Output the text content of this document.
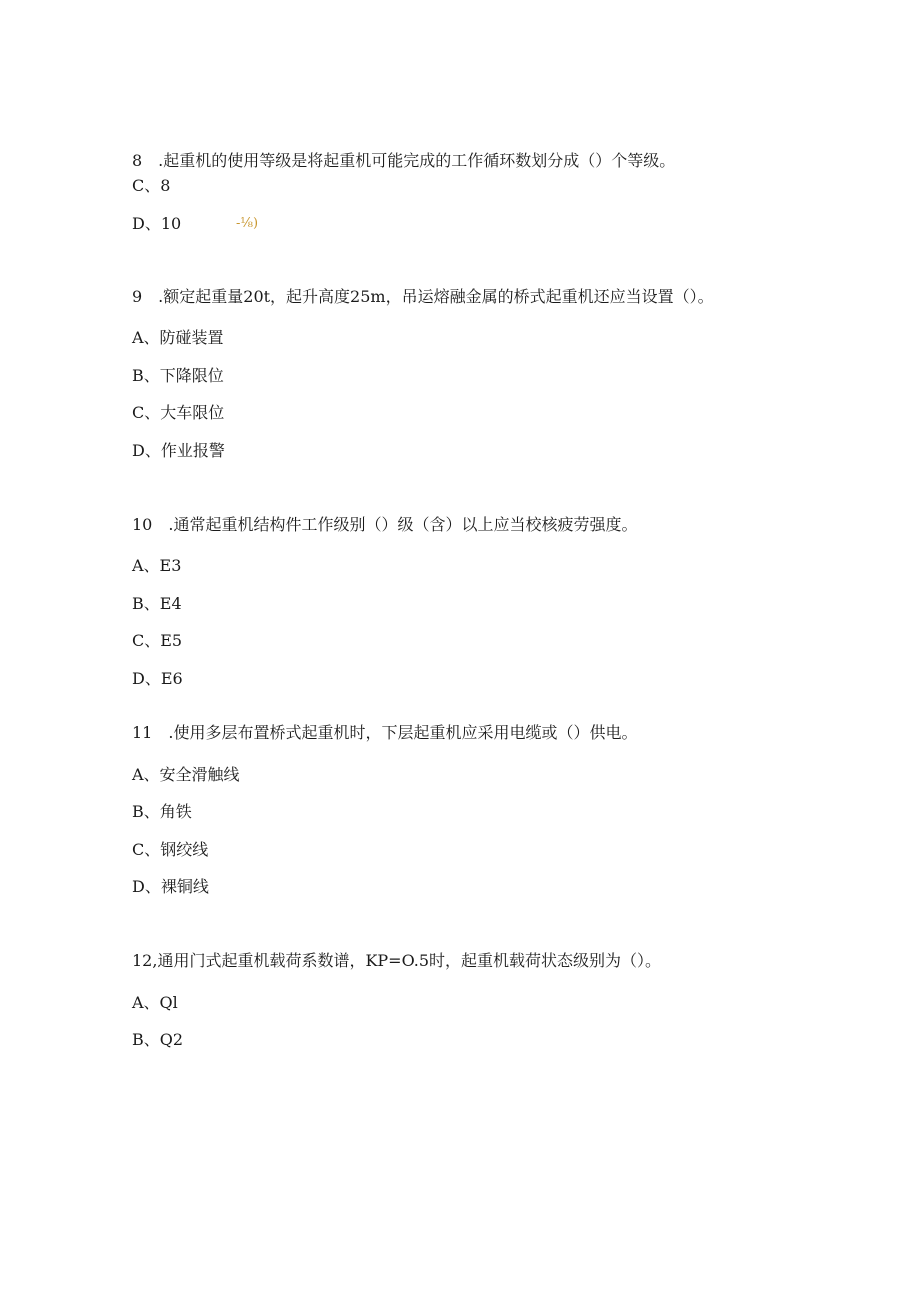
8　.起重机的使用等级是将起重机可能完成的工作循环数划分成（）个等级。
C、8
D、10	-⅛)
9　.额定起重量20t，起升高度25m，吊运熔融金属的桥式起重机还应当设置（）。
A、防碰装置
B、下降限位
C、大车限位
D、作业报警
10　.通常起重机结构件工作级别（）级（含）以上应当校核疲劳强度。
A、E3
B、E4
C、E5
D、E6
11　.使用多层布置桥式起重机时，下层起重机应采用电缆或（）供电。
A、安全滑触线
B、角铁
C、钢绞线
D、裸铜线
12,通用门式起重机载荷系数谱，KP=O.5时，起重机载荷状态级别为（）。
A、Ql
B、Q2
